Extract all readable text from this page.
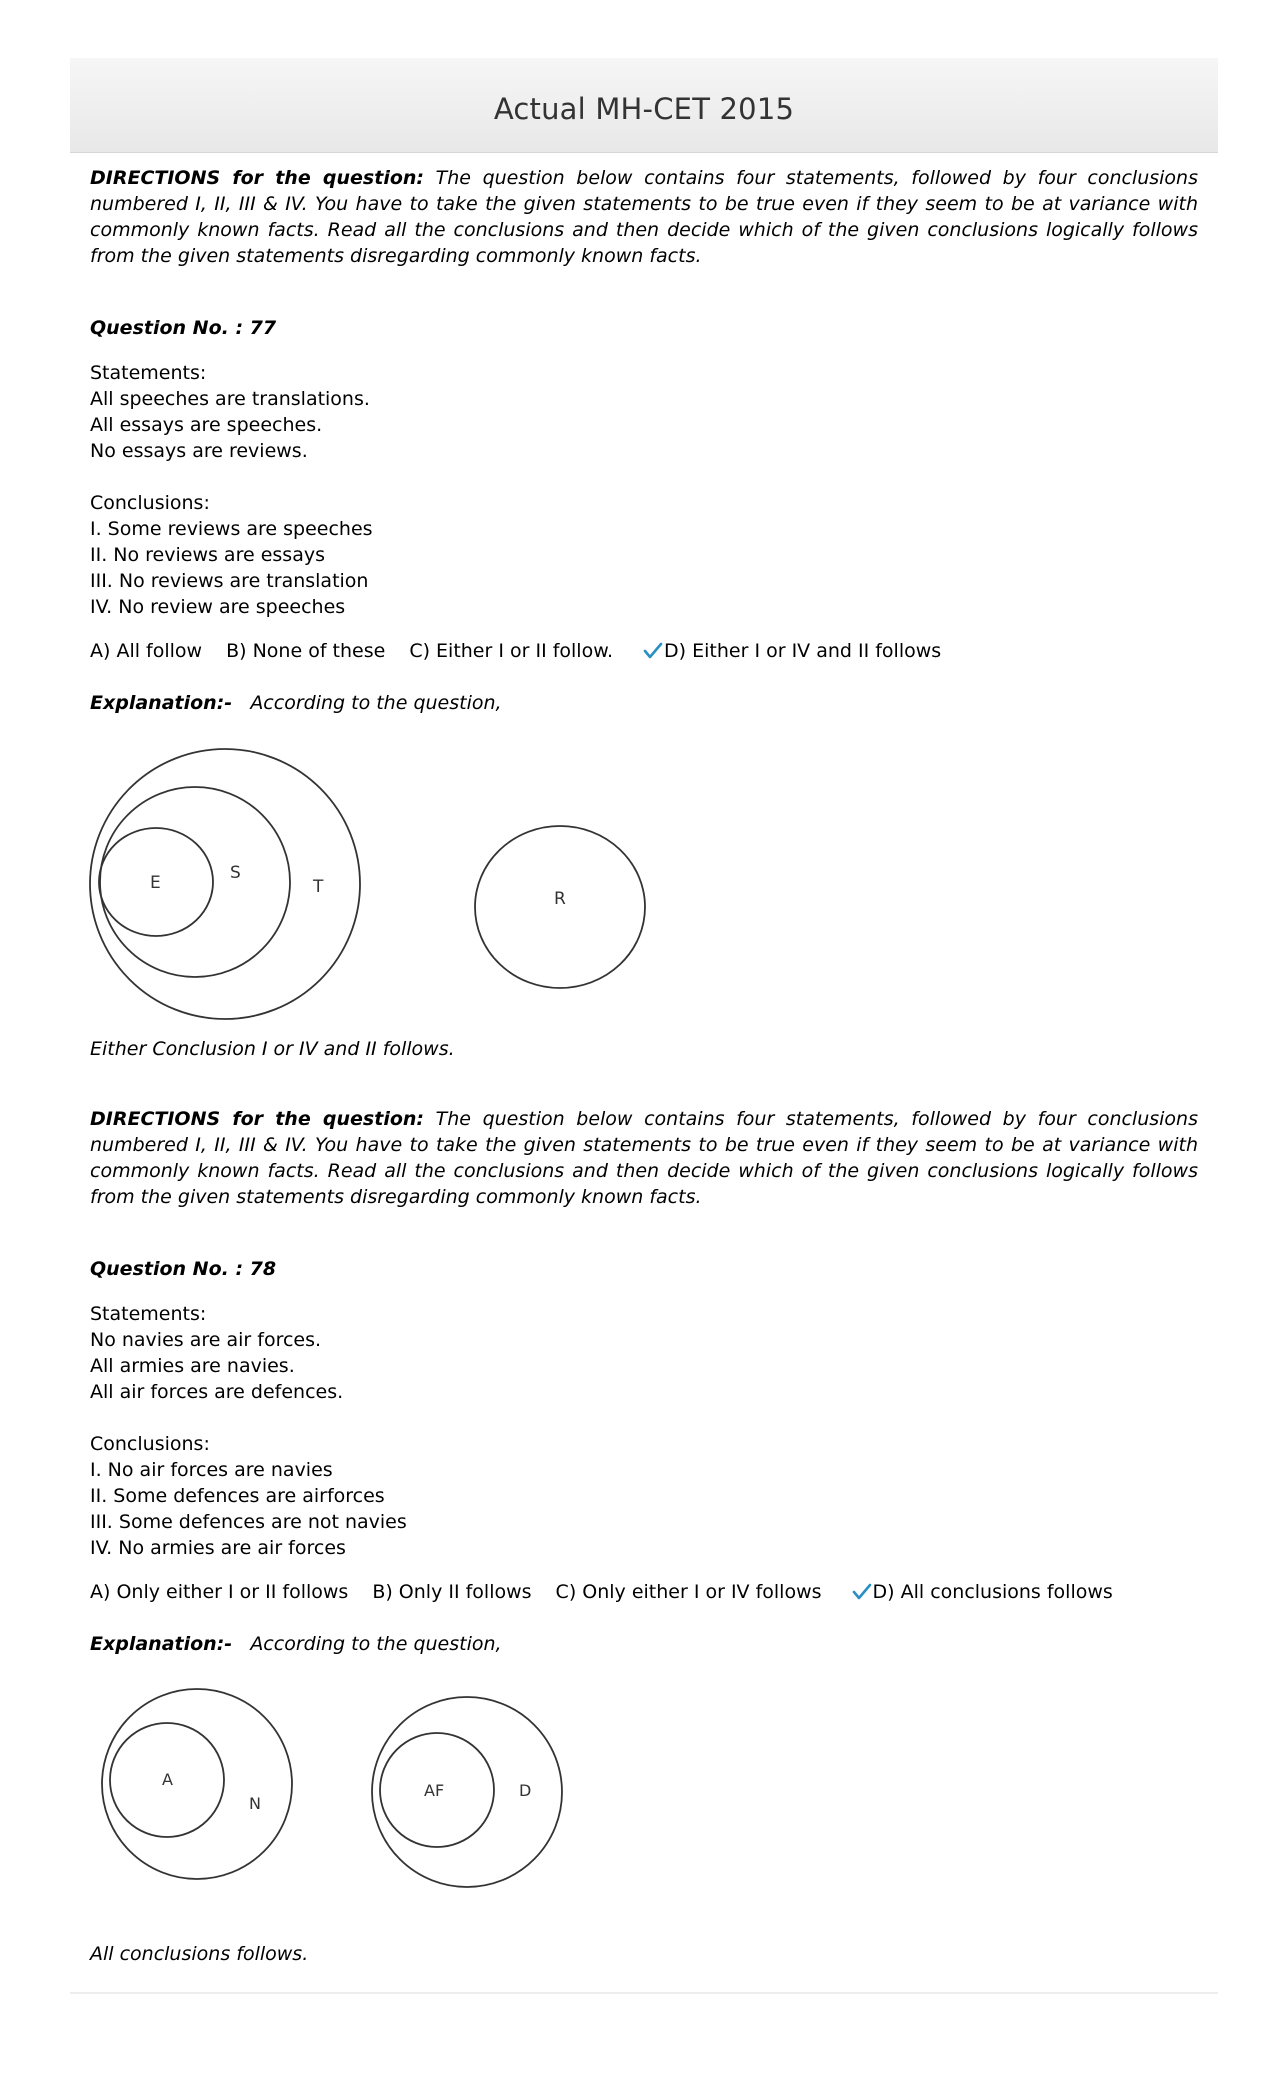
Actual MH-CET 2015

DIRECTIONS for the question: The question below contains four statements, followed by four conclusions numbered I, II, III & IV. You have to take the given statements to be true even if they seem to be at variance with commonly known facts. Read all the conclusions and then decide which of the given conclusions logically follows from the given statements disregarding commonly known facts.

Question No. : 77

Statements:
All speeches are translations.
All essays are speeches.
No essays are reviews.
Conclusions:
I. Some reviews are speeches
II. No reviews are essays
III. No reviews are translation
IV. No review are speeches
A) All follow B) None of these C) Either I or II follow.	D) Either I or IV and II follows

Explanation:- According to the question,

E	S
T
R

Either Conclusion I or IV and II follows.

DIRECTIONS for the question: The question below contains four statements, followed by four conclusions numbered I, II, III & IV. You have to take the given statements to be true even if they seem to be at variance with commonly known facts. Read all the conclusions and then decide which of the given conclusions logically follows from the given statements disregarding commonly known facts.

Question No. : 78

Statements:
No navies are air forces.
All armies are navies.
All air forces are defences.
Conclusions:
I. No air forces are navies
II. Some defences are airforces
III. Some defences are not navies
IV. No armies are air forces
A) Only either I or II follows B) Only II follows C) Only either I or IV follows	D) All conclusions follows

Explanation:- According to the question,

A
N
AF	D

All conclusions follows.
